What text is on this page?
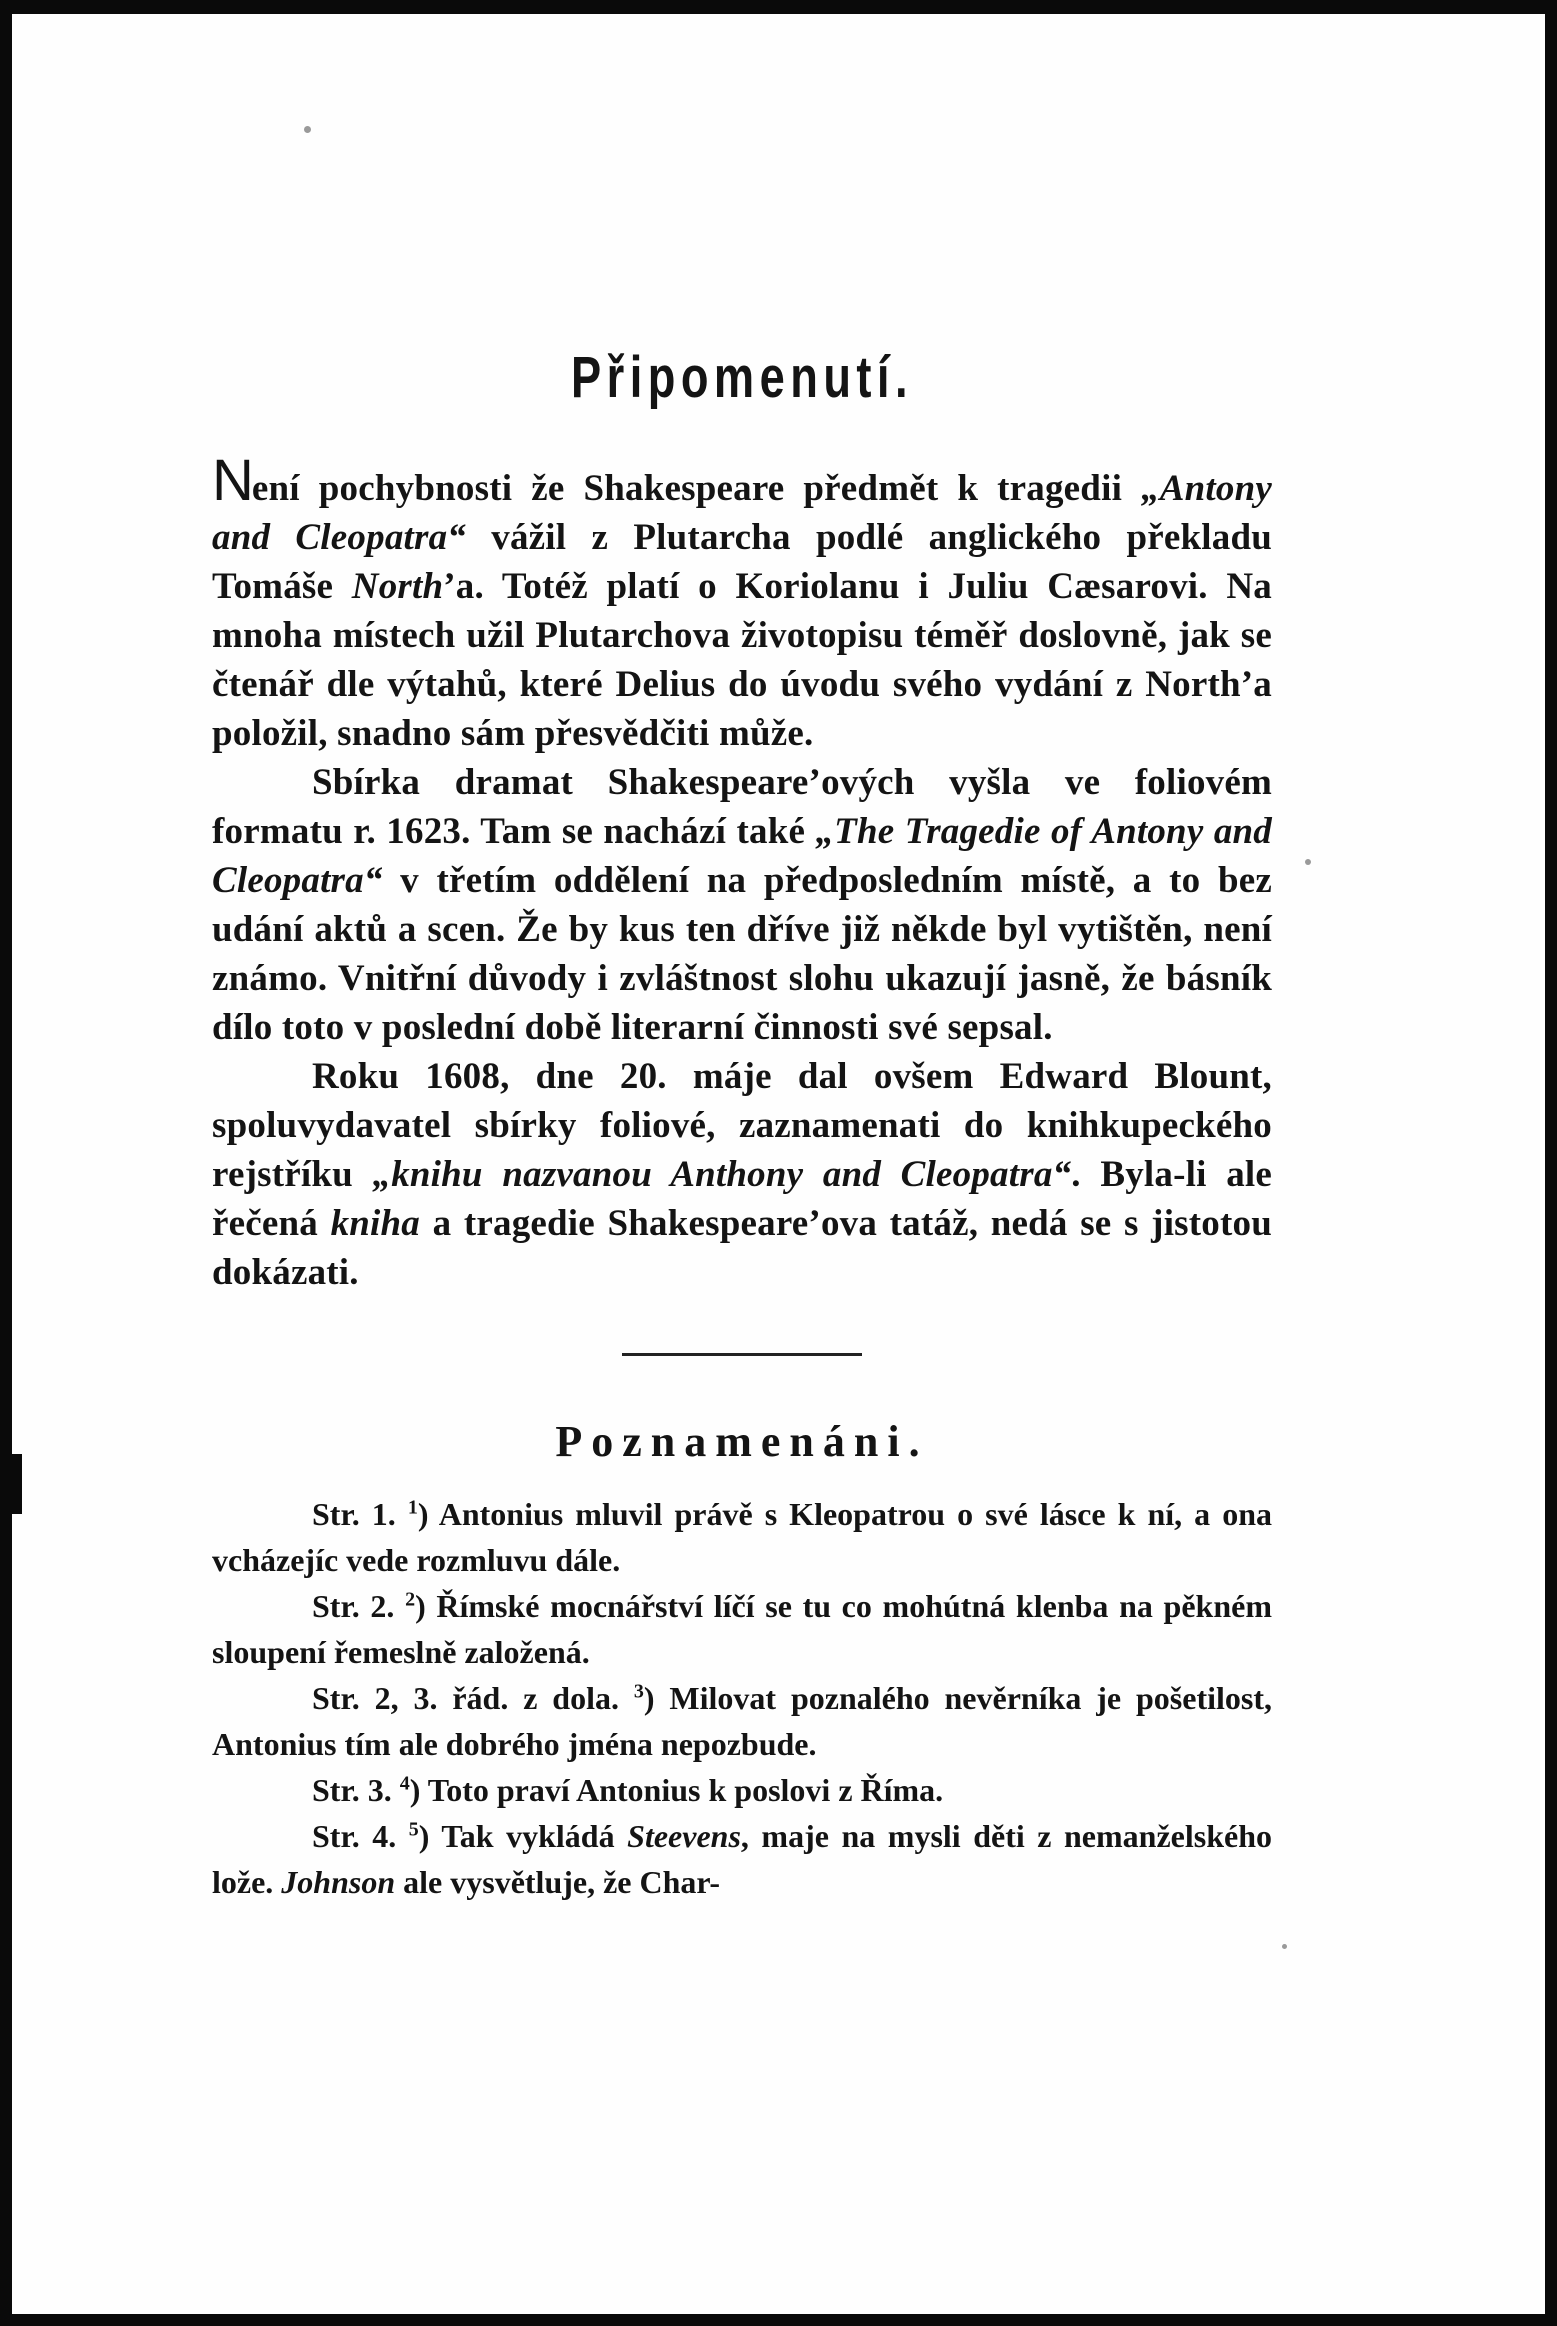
Připomenutí.

Není pochybnosti že Shakespeare předmět k tragedii „Antony and Cleopatra“ vážil z Plutarcha podlé anglického překladu Tomáše North’a. Totéž platí o Koriolanu i Juliu Cæsarovi. Na mnoha místech užil Plutarchova životopisu téměř doslovně, jak se čtenář dle výtahů, které Delius do úvodu svého vydání z North’a položil, snadno sám přesvědčiti může.

Sbírka dramat Shakespeare’ových vyšla ve foliovém formatu r. 1623. Tam se nachází také „The Tragedie of Antony and Cleopatra“ v třetím oddělení na předposledním místě, a to bez udání aktů a scen. Že by kus ten dříve již někde byl vytištěn, není známo. Vnitřní důvody i zvláštnost slohu ukazují jasně, že básník dílo toto v poslední době literarní činnosti své sepsal.

Roku 1608, dne 20. máje dal ovšem Edward Blount, spoluvydavatel sbírky foliové, zaznamenati do knihkupeckého rejstříku „knihu nazvanou Anthony and Cleopatra“. Byla-li ale řečená kniha a tragedie Shakespeare’ova tatáž, nedá se s jistotou dokázati.

Poznamenáni.

Str. 1. $^1$) Antonius mluvil právě s Kleopatrou o své lásce k ní, a ona vcházejíc vede rozmluvu dále.

Str. 2. $^2$) Římské mocnářství líčí se tu co mohútná klenba na pěkném sloupení řemeslně založená.

Str. 2, 3. řád. z dola. $^3$) Milovat poznalého nevěrníka je pošetilost, Antonius tím ale dobrého jména nepozbude.

Str. 3. $^4$) Toto praví Antonius k poslovi z Říma.

Str. 4. $^5$) Tak vykládá Steevens, maje na mysli děti z nemanželského lože. Johnson ale vysvětluje, že Char-
